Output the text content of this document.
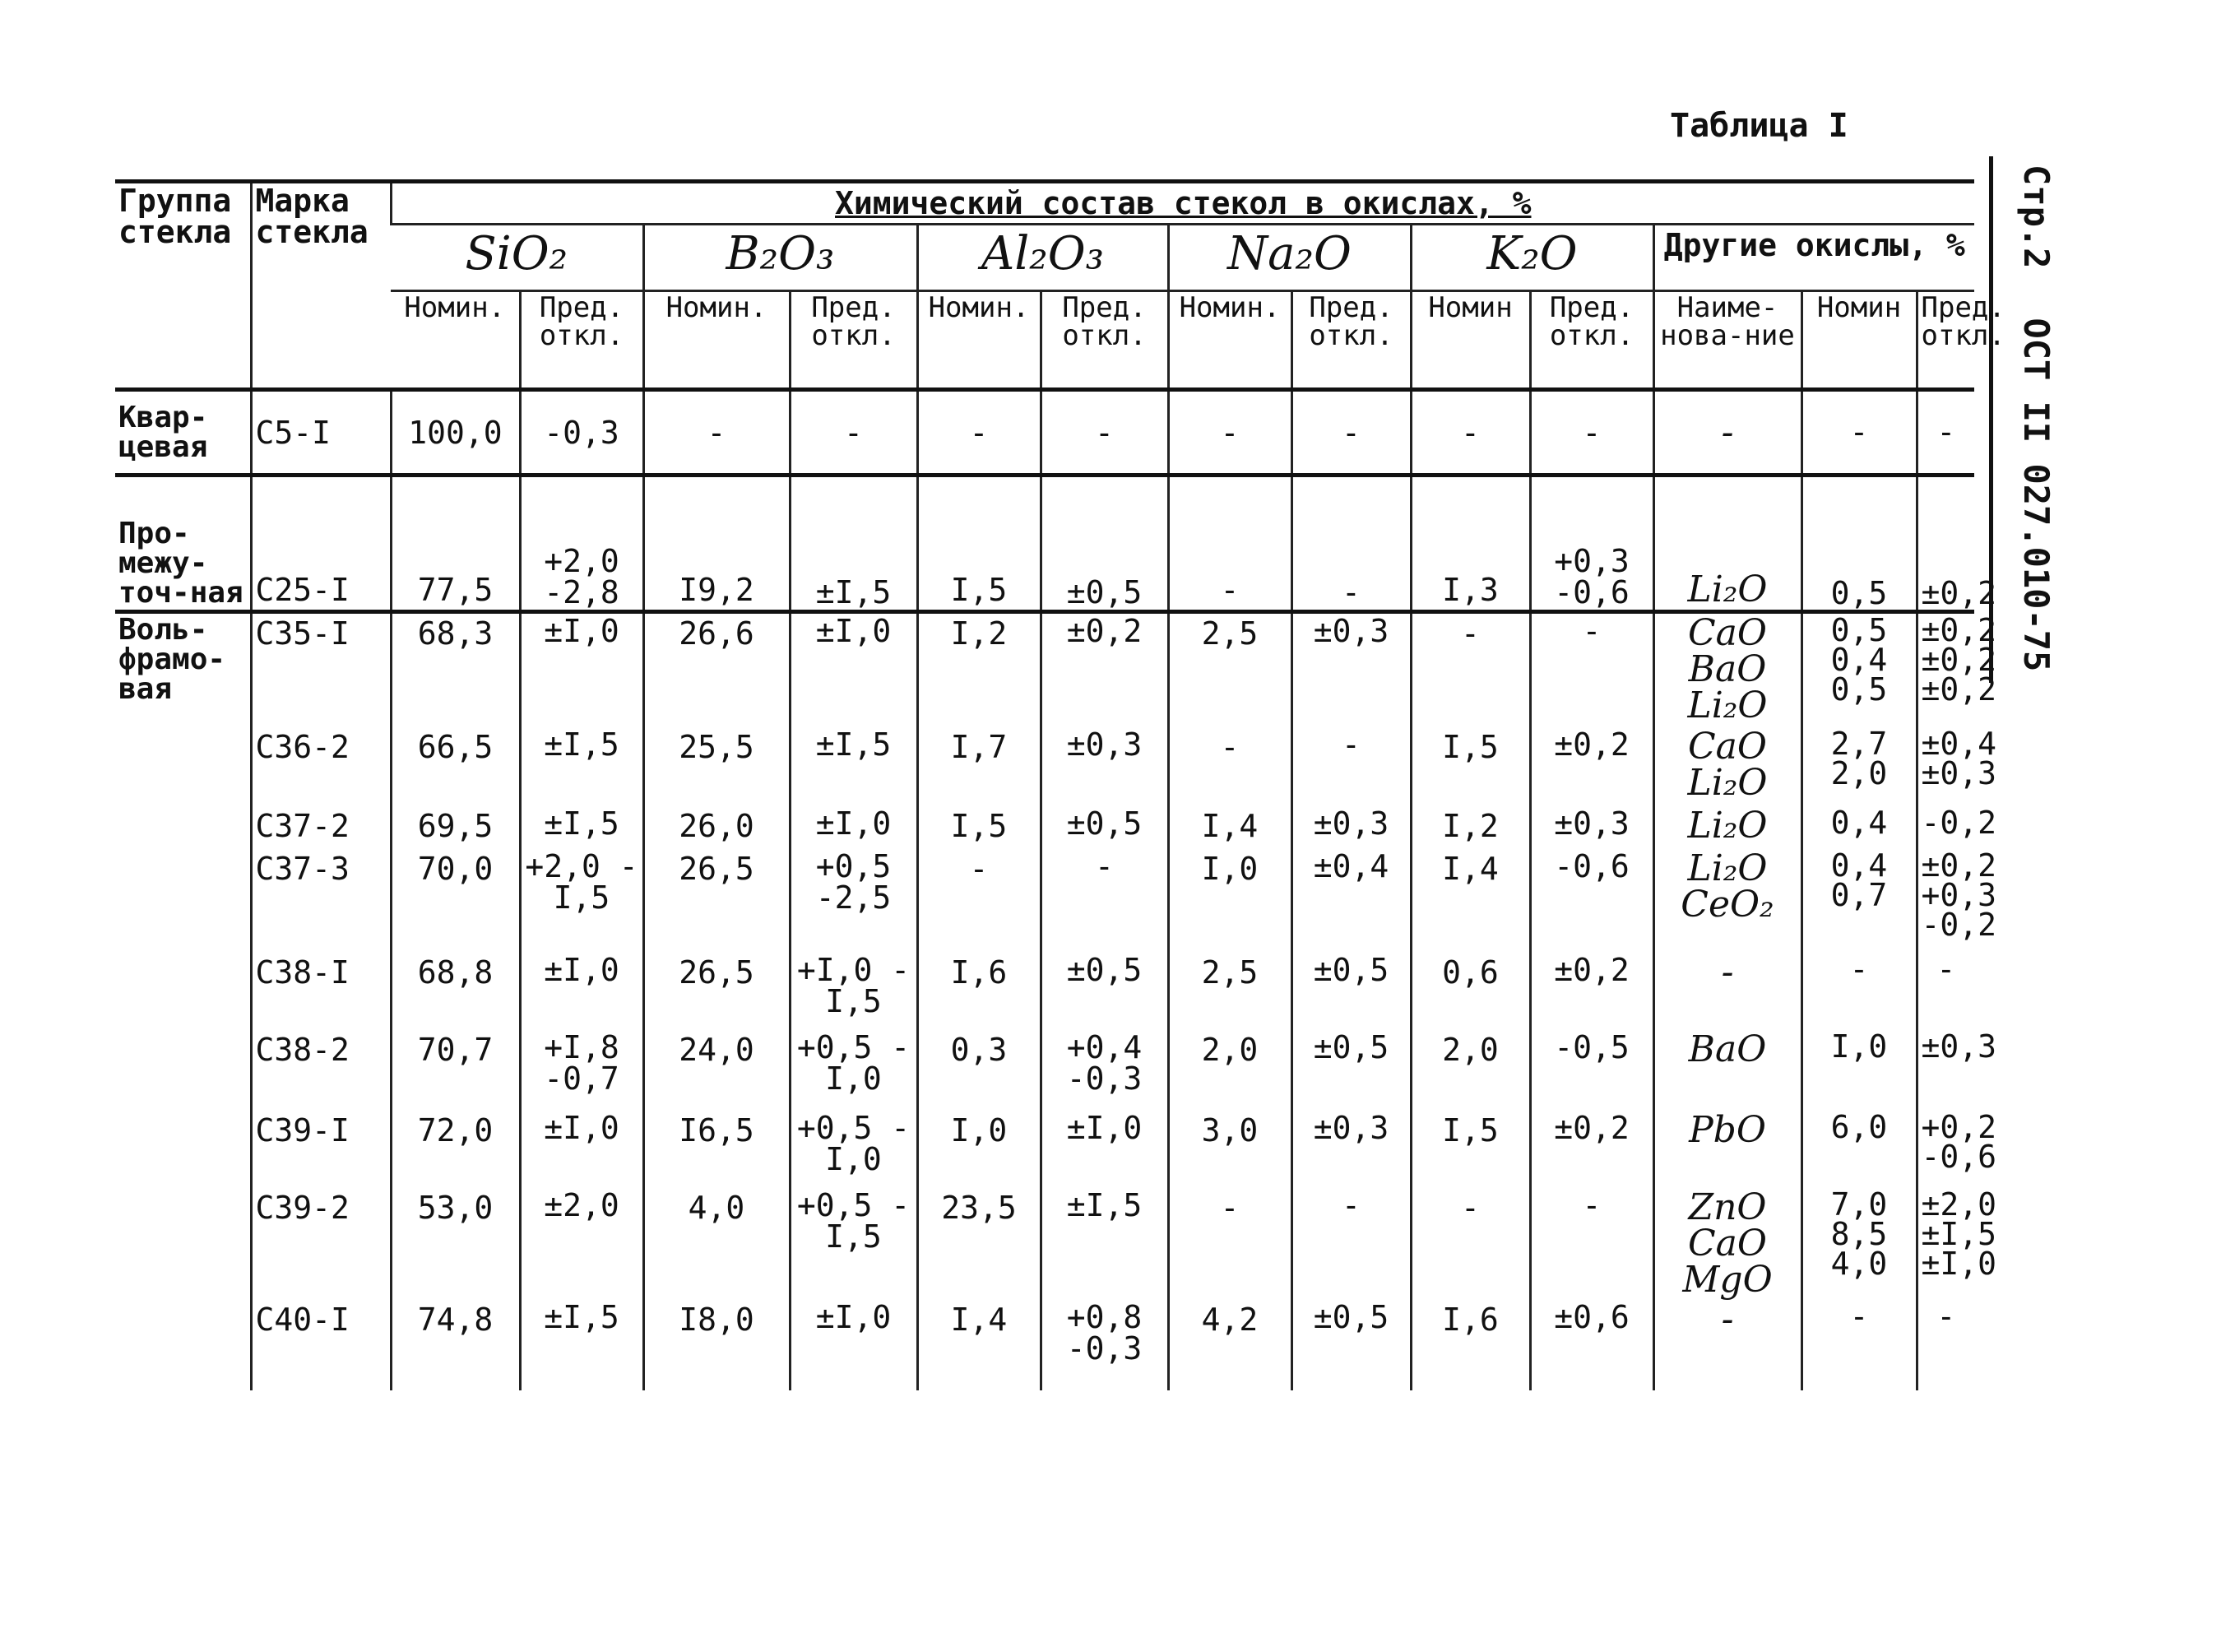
Таблица I
Стр.2
ОСТ II 027.010-75
Группа стекла	Марка стекла	Химический состав стекол в окислах, %												
		SiO₂		B₂O₃		Al₂O₃		Na₂O		K₂O		Другие окислы, %		
		Номин.	Пред. откл.	Номин.	Пред. откл.	Номин.	Пред. откл.	Номин.	Пред. откл.	Номин	Пред. откл.	Наиме-нова-ние	Номин	Пред. откл.
Квар-цевая	С5-I	100,0	-0,3	-	-	-	-	-	-	-	-	-	-	-
Про-межу-точ-ная	С25-I	77,5	+2,0 -2,8	I9,2	±I,5	I,5	±0,5	-	-	I,3	+0,3 -0,6	Li₂O	0,5	±0,2
Воль-фрамо-вая	С35-I	68,3	±I,0	26,6	±I,0	I,2	±0,2	2,5	±0,3	-	-	CaO BaO Li₂O	0,5 0,4 0,5	±0,2 ±0,2 ±0,2
	С36-2	66,5	±I,5	25,5	±I,5	I,7	±0,3	-	-	I,5	±0,2	CaO Li₂O	2,7 2,0	±0,4 ±0,3
	С37-2	69,5	±I,5	26,0	±I,0	I,5	±0,5	I,4	±0,3	I,2	±0,3	Li₂O	0,4	-0,2
	С37-3	70,0	+2,0 -I,5	26,5	+0,5 -2,5	-	-	I,0	±0,4	I,4	-0,6	Li₂O CeO₂	0,4 0,7	±0,2 +0,3 -0,2
	С38-I	68,8	±I,0	26,5	+I,0 -I,5	I,6	±0,5	2,5	±0,5	0,6	±0,2	-	-	-
	С38-2	70,7	+I,8 -0,7	24,0	+0,5 -I,0	0,3	+0,4 -0,3	2,0	±0,5	2,0	-0,5	BaO	I,0	±0,3
	С39-I	72,0	±I,0	I6,5	+0,5 -I,0	I,0	±I,0	3,0	±0,3	I,5	±0,2	PbO	6,0	+0,2 -0,6
	С39-2	53,0	±2,0	4,0	+0,5 -I,5	23,5	±I,5	-	-	-	-	ZnO CaO MgO	7,0 8,5 4,0	±2,0 ±I,5 ±I,0
	С40-I	74,8	±I,5	I8,0	±I,0	I,4	+0,8 -0,3	4,2	±0,5	I,6	±0,6	-	-	-
